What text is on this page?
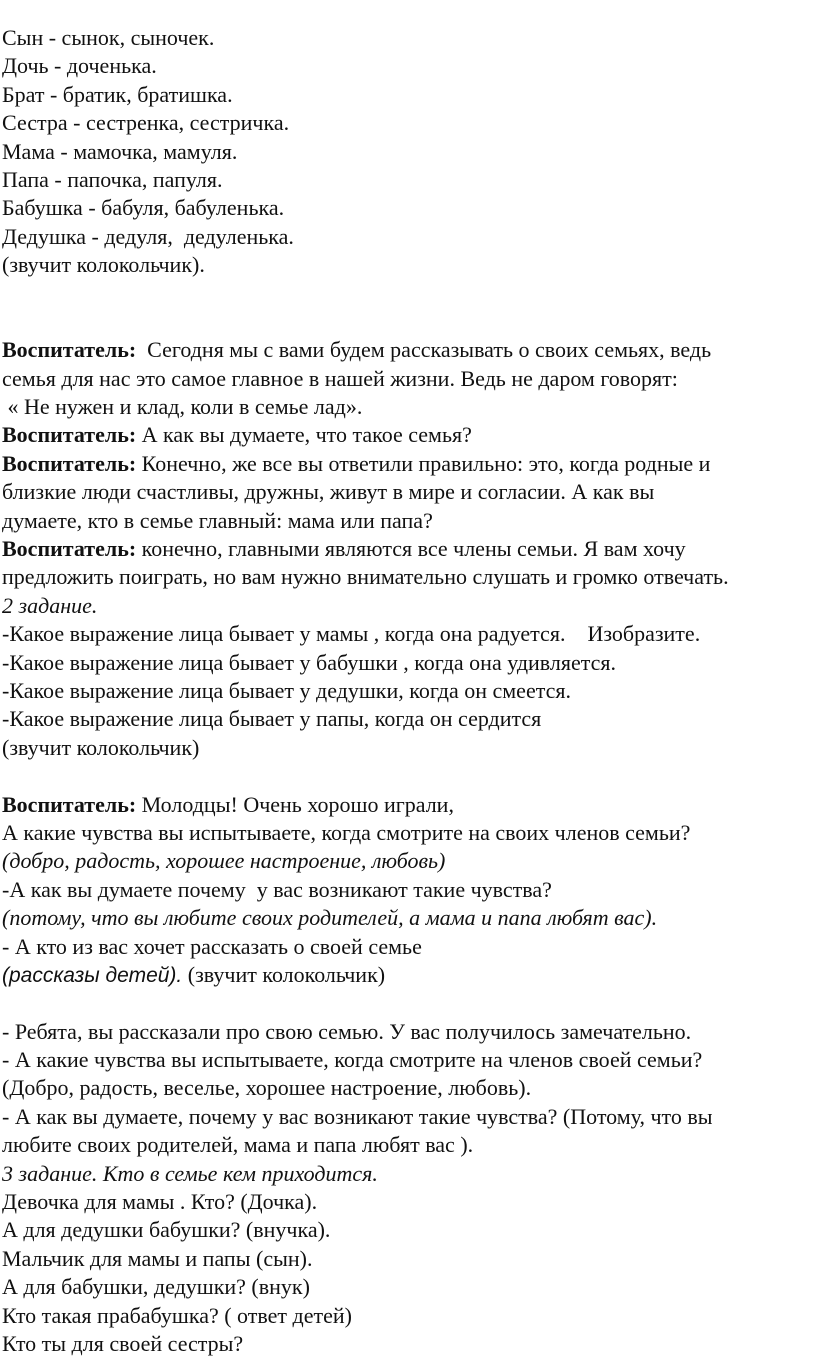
Сын - сынок, сыночек.
Дочь - доченька.
Брат - братик, братишка.
Сестра - сестренка, сестричка.
Мама - мамочка, мамуля.
Папа - папочка, папуля.
Бабушка - бабуля, бабуленька.
Дедушка - дедуля,  дедуленька.
(звучит колокольчик).
Воспитатель:  Сегодня мы с вами будем рассказывать о своих семьях, ведь
семья для нас это самое главное в нашей жизни. Ведь не даром говорят:
« Не нужен и клад, коли в семье лад».
Воспитатель: А как вы думаете, что такое семья?
Воспитатель: Конечно, же все вы ответили правильно: это, когда родные и
близкие люди счастливы, дружны, живут в мире и согласии. А как вы
думаете, кто в семье главный: мама или папа?
Воспитатель: конечно, главными являются все члены семьи. Я вам хочу
предложить поиграть, но вам нужно внимательно слушать и громко отвечать.
2 задание.
-Какое выражение лица бывает у мамы , когда она радуется.    Изобразите.
-Какое выражение лица бывает у бабушки , когда она удивляется.
-Какое выражение лица бывает у дедушки, когда он смеется.
-Какое выражение лица бывает у папы, когда он сердится
(звучит колокольчик)
Воспитатель: Молодцы! Очень хорошо играли,
А какие чувства вы испытываете, когда смотрите на своих членов семьи?
(добро, радость, хорошее настроение, любовь)
-А как вы думаете почему  у вас возникают такие чувства?
(потому, что вы любите своих родителей, а мама и папа любят вас).
- А кто из вас хочет рассказать о своей семье
(рассказы детей). (звучит колокольчик)
- Ребята, вы рассказали про свою семью. У вас получилось замечательно.
- А какие чувства вы испытываете, когда смотрите на членов своей семьи?
(Добро, радость, веселье, хорошее настроение, любовь).
- А как вы думаете, почему у вас возникают такие чувства? (Потому, что вы
любите своих родителей, мама и папа любят вас ).
3 задание. Кто в семье кем приходится.
Девочка для мамы . Кто? (Дочка).
А для дедушки бабушки? (внучка).
Мальчик для мамы и папы (сын).
А для бабушки, дедушки? (внук)
Кто такая прабабушка? ( ответ детей)
Кто ты для своей сестры?
